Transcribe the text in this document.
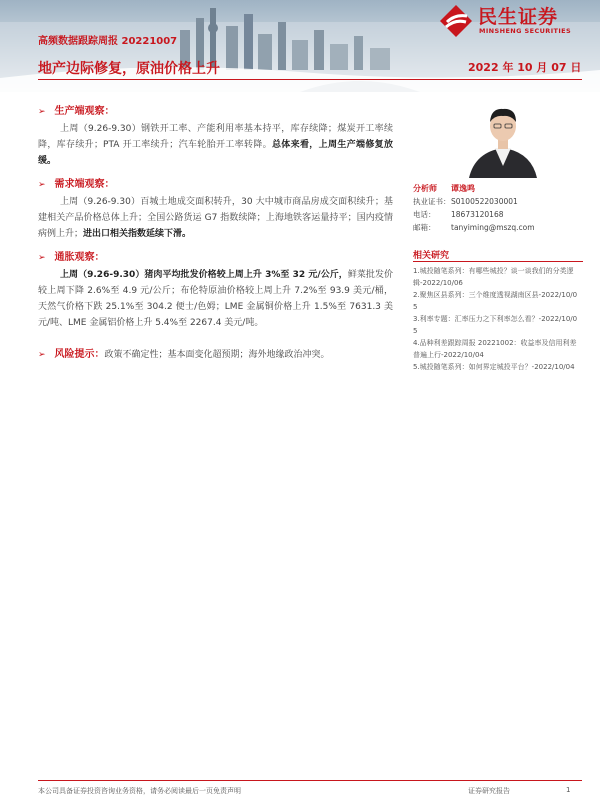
高频数据跟踪周报 20221007
地产边际修复，原油价格上升	2022 年 10 月 07 日
民生证券
MINSHENG SECURITIES
➢ 生产端观察：

上周（9.26-9.30）钢铁开工率、产能利用率基本持平，库存续降；煤炭开工率续降，库存续升；PTA 开工率续升；汽车轮胎开工率转降。总体来看，上周生产端修复放缓。

➢ 需求端观察：

上周（9.26-9.30）百城土地成交面积转升，30 大中城市商品房成交面积续升；基建相关产品价格总体上升；全国公路货运 G7 指数续降；上海地铁客运量持平；国内疫情病例上升；进出口相关指数延续下滑。

➢ 通胀观察：

上周（9.26-9.30）猪肉平均批发价格较上周上升 3%至 32 元/公斤，鲜菜批发价较上周下降 2.6%至 4.9 元/公斤；布伦特原油价格较上周上升 7.2%至 93.9 美元/桶，天然气价格下跌 25.1%至 304.2 便士/色姆；LME 金属铜价格上升 1.5%至 7631.3 美元/吨、LME 金属铝价格上升 5.4%至 2267.4 美元/吨。

➢ 风险提示：政策不确定性；基本面变化超预期；海外地缘政治冲突。
分析师 谭逸鸣
执业证书：S0100522030001
电话： 18673120168
邮箱： tanyiming@mszq.com
相关研究
1.城投随笔系列：有哪些城投？谈一谈我们的分类逻辑-2022/10/06
2.聚焦区县系列：三个维度透视湖南区县-2022/10/05
3.利率专题：汇率压力之下利率怎么看？-2022/10/05
4.品种利差跟踪周报 20221002：收益率及信用利差普遍上行-2022/10/04
5.城投随笔系列：如何界定城投平台？-2022/10/04
本公司具备证券投资咨询业务资格，请务必阅读最后一页免责声明	证券研究报告	1
